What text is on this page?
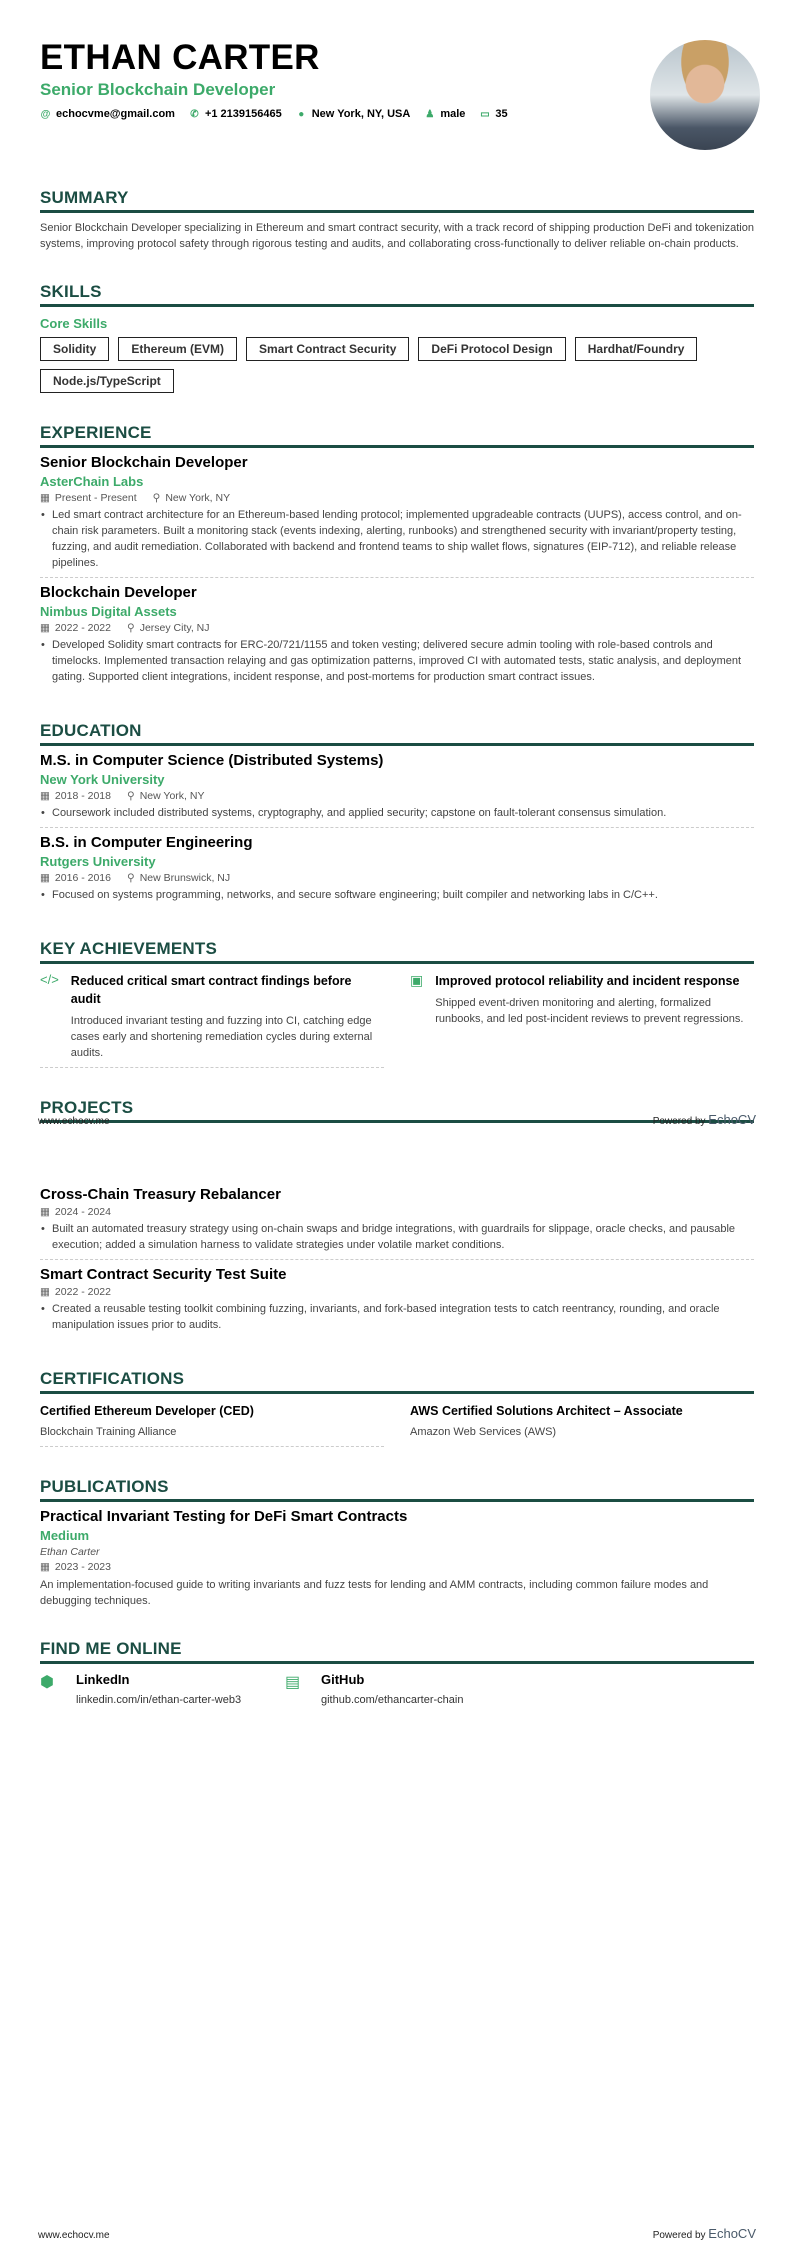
ETHAN CARTER
Senior Blockchain Developer
@ echocvme@gmail.com ✆ +1 2139156465 ● New York, NY, USA ♟ male ▭ 35
SUMMARY
Senior Blockchain Developer specializing in Ethereum and smart contract security, with a track record of shipping production DeFi and tokenization systems, improving protocol safety through rigorous testing and audits, and collaborating cross-functionally to deliver reliable on-chain products.
SKILLS
Core Skills
Solidity	Ethereum (EVM)	Smart Contract Security	DeFi Protocol Design	Hardhat/Foundry
Node.js/TypeScript
EXPERIENCE
Senior Blockchain Developer
AsterChain Labs
▦ Present - Present ⚲ New York, NY
• Led smart contract architecture for an Ethereum-based lending protocol; implemented upgradeable contracts (UUPS), access control, and on-chain risk parameters. Built a monitoring stack (events indexing, alerting, runbooks) and strengthened security with invariant/property testing, fuzzing, and audit remediation. Collaborated with backend and frontend teams to ship wallet flows, signatures (EIP-712), and reliable release pipelines.
Blockchain Developer
Nimbus Digital Assets
▦ 2022 - 2022 ⚲ Jersey City, NJ
• Developed Solidity smart contracts for ERC-20/721/1155 and token vesting; delivered secure admin tooling with role-based controls and timelocks. Implemented transaction relaying and gas optimization patterns, improved CI with automated tests, static analysis, and deployment gating. Supported client integrations, incident response, and post-mortems for production smart contract issues.
EDUCATION
M.S. in Computer Science (Distributed Systems)
New York University
▦ 2018 - 2018 ⚲ New York, NY
• Coursework included distributed systems, cryptography, and applied security; capstone on fault-tolerant consensus simulation.
B.S. in Computer Engineering
Rutgers University
▦ 2016 - 2016 ⚲ New Brunswick, NJ
• Focused on systems programming, networks, and secure software engineering; built compiler and networking labs in C/C++.
KEY ACHIEVEMENTS
</> Reduced critical smart contract findings before audit
Introduced invariant testing and fuzzing into CI, catching edge cases early and shortening remediation cycles during external audits.
▣ Improved protocol reliability and incident response
Shipped event-driven monitoring and alerting, formalized runbooks, and led post-incident reviews to prevent regressions.
PROJECTS
www.echocv.me	Powered by EchoCV
Cross-Chain Treasury Rebalancer
▦ 2024 - 2024
• Built an automated treasury strategy using on-chain swaps and bridge integrations, with guardrails for slippage, oracle checks, and pausable execution; added a simulation harness to validate strategies under volatile market conditions.
Smart Contract Security Test Suite
▦ 2022 - 2022
• Created a reusable testing toolkit combining fuzzing, invariants, and fork-based integration tests to catch reentrancy, rounding, and oracle manipulation issues prior to audits.
CERTIFICATIONS
Certified Ethereum Developer (CED)
Blockchain Training Alliance
AWS Certified Solutions Architect – Associate
Amazon Web Services (AWS)
PUBLICATIONS
Practical Invariant Testing for DeFi Smart Contracts
Medium
Ethan Carter
▦ 2023 - 2023
An implementation-focused guide to writing invariants and fuzz tests for lending and AMM contracts, including common failure modes and debugging techniques.
FIND ME ONLINE
⬢	LinkedIn
linkedin.com/in/ethan-carter-web3
▤	GitHub
github.com/ethancarter-chain
www.echocv.me	Powered by EchoCV
